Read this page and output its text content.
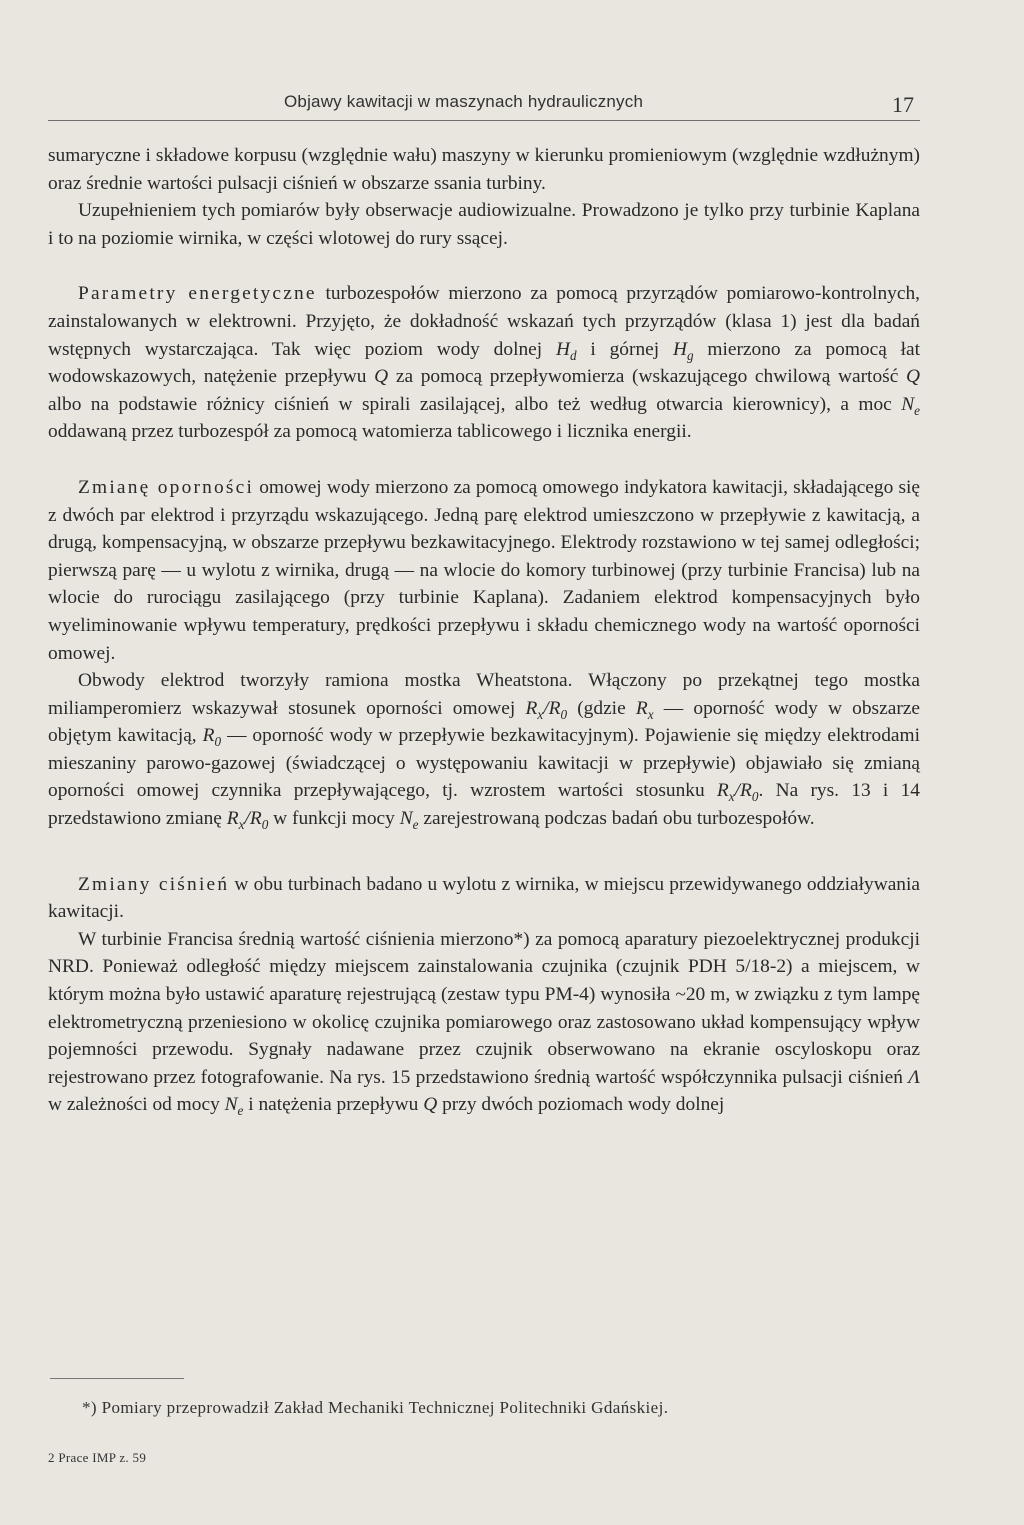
Objawy kawitacji w maszynach hydraulicznych	17

sumaryczne i składowe korpusu (względnie wału) maszyny w kierunku promieniowym (względnie wzdłużnym) oraz średnie wartości pulsacji ciśnień w obszarze ssania turbiny.

Uzupełnieniem tych pomiarów były obserwacje audiowizualne. Prowadzono je tylko przy turbinie Kaplana i to na poziomie wirnika, w części wlotowej do rury ssącej.

Parametry energetyczne turbozespołów mierzono za pomocą przyrządów pomiarowo-kontrolnych, zainstalowanych w elektrowni. Przyjęto, że dokładność wskazań tych przyrządów (klasa 1) jest dla badań wstępnych wystarczająca. Tak więc poziom wody dolnej $H_d$ i górnej $H_g$ mierzono za pomocą łat wodowskazowych, natężenie przepływu Q za pomocą przepływomierza (wskazującego chwilową wartość Q albo na podstawie różnicy ciśnień w spirali zasilającej, albo też według otwarcia kierownicy), a moc $N_e$ oddawaną przez turbozespół za pomocą watomierza tablicowego i licznika energii.

Zmianę oporności omowej wody mierzono za pomocą omowego indykatora kawitacji, składającego się z dwóch par elektrod i przyrządu wskazującego. Jedną parę elektrod umieszczono w przepływie z kawitacją, a drugą, kompensacyjną, w obszarze przepływu bezkawitacyjnego. Elektrody rozstawiono w tej samej odległości; pierwszą parę — u wylotu z wirnika, drugą — na wlocie do komory turbinowej (przy turbinie Francisa) lub na wlocie do rurociągu zasilającego (przy turbinie Kaplana). Zadaniem elektrod kompensacyjnych było wyeliminowanie wpływu temperatury, prędkości przepływu i składu chemicznego wody na wartość oporności omowej.

Obwody elektrod tworzyły ramiona mostka Wheatstona. Włączony po przekątnej tego mostka miliamperomierz wskazywał stosunek oporności omowej $R_x/R_0$ (gdzie $R_x$ — oporność wody w obszarze objętym kawitacją, $R_0$ — oporność wody w przepływie bezkawitacyjnym). Pojawienie się między elektrodami mieszaniny parowo-gazowej (świadczącej o występowaniu kawitacji w przepływie) objawiało się zmianą oporności omowej czynnika przepływającego, tj. wzrostem wartości stosunku $R_x/R_0$. Na rys. 13 i 14 przedstawiono zmianę $R_x/R_0$ w funkcji mocy $N_e$ zarejestrowaną podczas badań obu turbozespołów.

Zmiany ciśnień w obu turbinach badano u wylotu z wirnika, w miejscu przewidywanego oddziaływania kawitacji.

W turbinie Francisa średnią wartość ciśnienia mierzono*) za pomocą aparatury piezoelektrycznej produkcji NRD. Ponieważ odległość między miejscem zainstalowania czujnika (czujnik PDH 5/18-2) a miejscem, w którym można było ustawić aparaturę rejestrującą (zestaw typu PM-4) wynosiła ~20 m, w związku z tym lampę elektrometryczną przeniesiono w okolicę czujnika pomiarowego oraz zastosowano układ kompensujący wpływ pojemności przewodu. Sygnały nadawane przez czujnik obserwowano na ekranie oscyloskopu oraz rejestrowano przez fotografowanie. Na rys. 15 przedstawiono średnią wartość współczynnika pulsacji ciśnień Λ w zależności od mocy $N_e$ i natężenia przepływu Q przy dwóch poziomach wody dolnej

*) Pomiary przeprowadził Zakład Mechaniki Technicznej Politechniki Gdańskiej.
2 Prace IMP z. 59
